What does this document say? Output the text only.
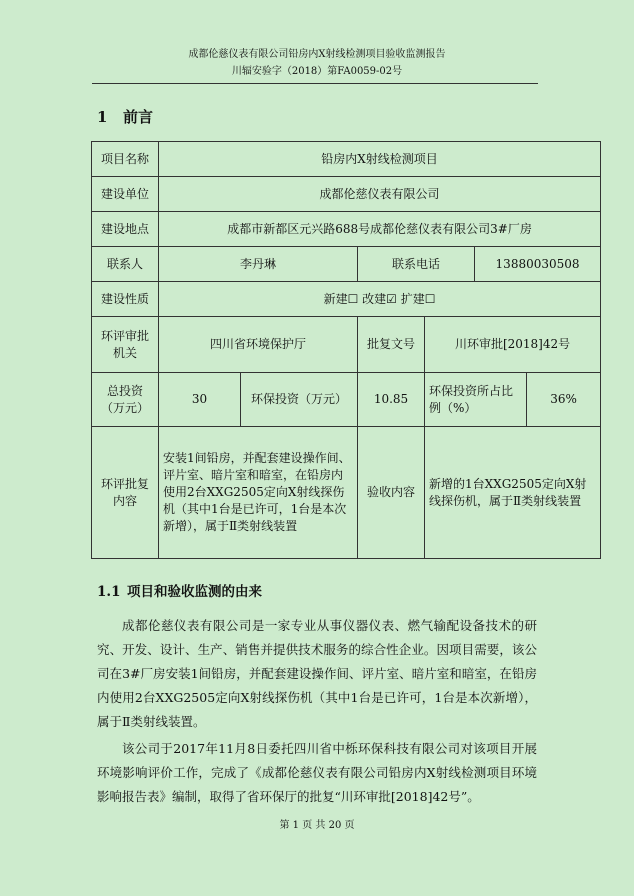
成都伦慈仪表有限公司铅房内X射线检测项目验收监测报告
川辐安验字（2018）第FA0059-02号
1 前言
项目名称	铅房内X射线检测项目					
建设单位	成都伦慈仪表有限公司					
建设地点	成都市新都区元兴路688号成都伦慈仪表有限公司3#厂房					
联系人	李丹琳		联系电话		13880030508	
建设性质	新建☐ 改建☑ 扩建☐					
环评审批机关	四川省环境保护厅		批复文号	川环审批[2018]42号		
总投资（万元）	30	环保投资（万元）	10.85	环保投资所占比例（%）		36%
环评批复内容	安装1间铅房，并配套建设操作间、评片室、暗片室和暗室，在铅房内使用2台XXG2505定向X射线探伤机（其中1台是已许可，1台是本次新增），属于Ⅱ类射线装置		验收内容	新增的1台XXG2505定向X射线探伤机，属于Ⅱ类射线装置		
1.1 项目和验收监测的由来

成都伦慈仪表有限公司是一家专业从事仪器仪表、燃气输配设备技术的研究、开发、设计、生产、销售并提供技术服务的综合性企业。因项目需要，该公司在3#厂房安装1间铅房，并配套建设操作间、评片室、暗片室和暗室，在铅房内使用2台XXG2505定向X射线探伤机（其中1台是已许可，1台是本次新增），属于Ⅱ类射线装置。

该公司于2017年11月8日委托四川省中栎环保科技有限公司对该项目开展环境影响评价工作，完成了《成都伦慈仪表有限公司铅房内X射线检测项目环境影响报告表》编制，取得了省环保厅的批复“川环审批[2018]42号”。

第 1 页 共 20 页
